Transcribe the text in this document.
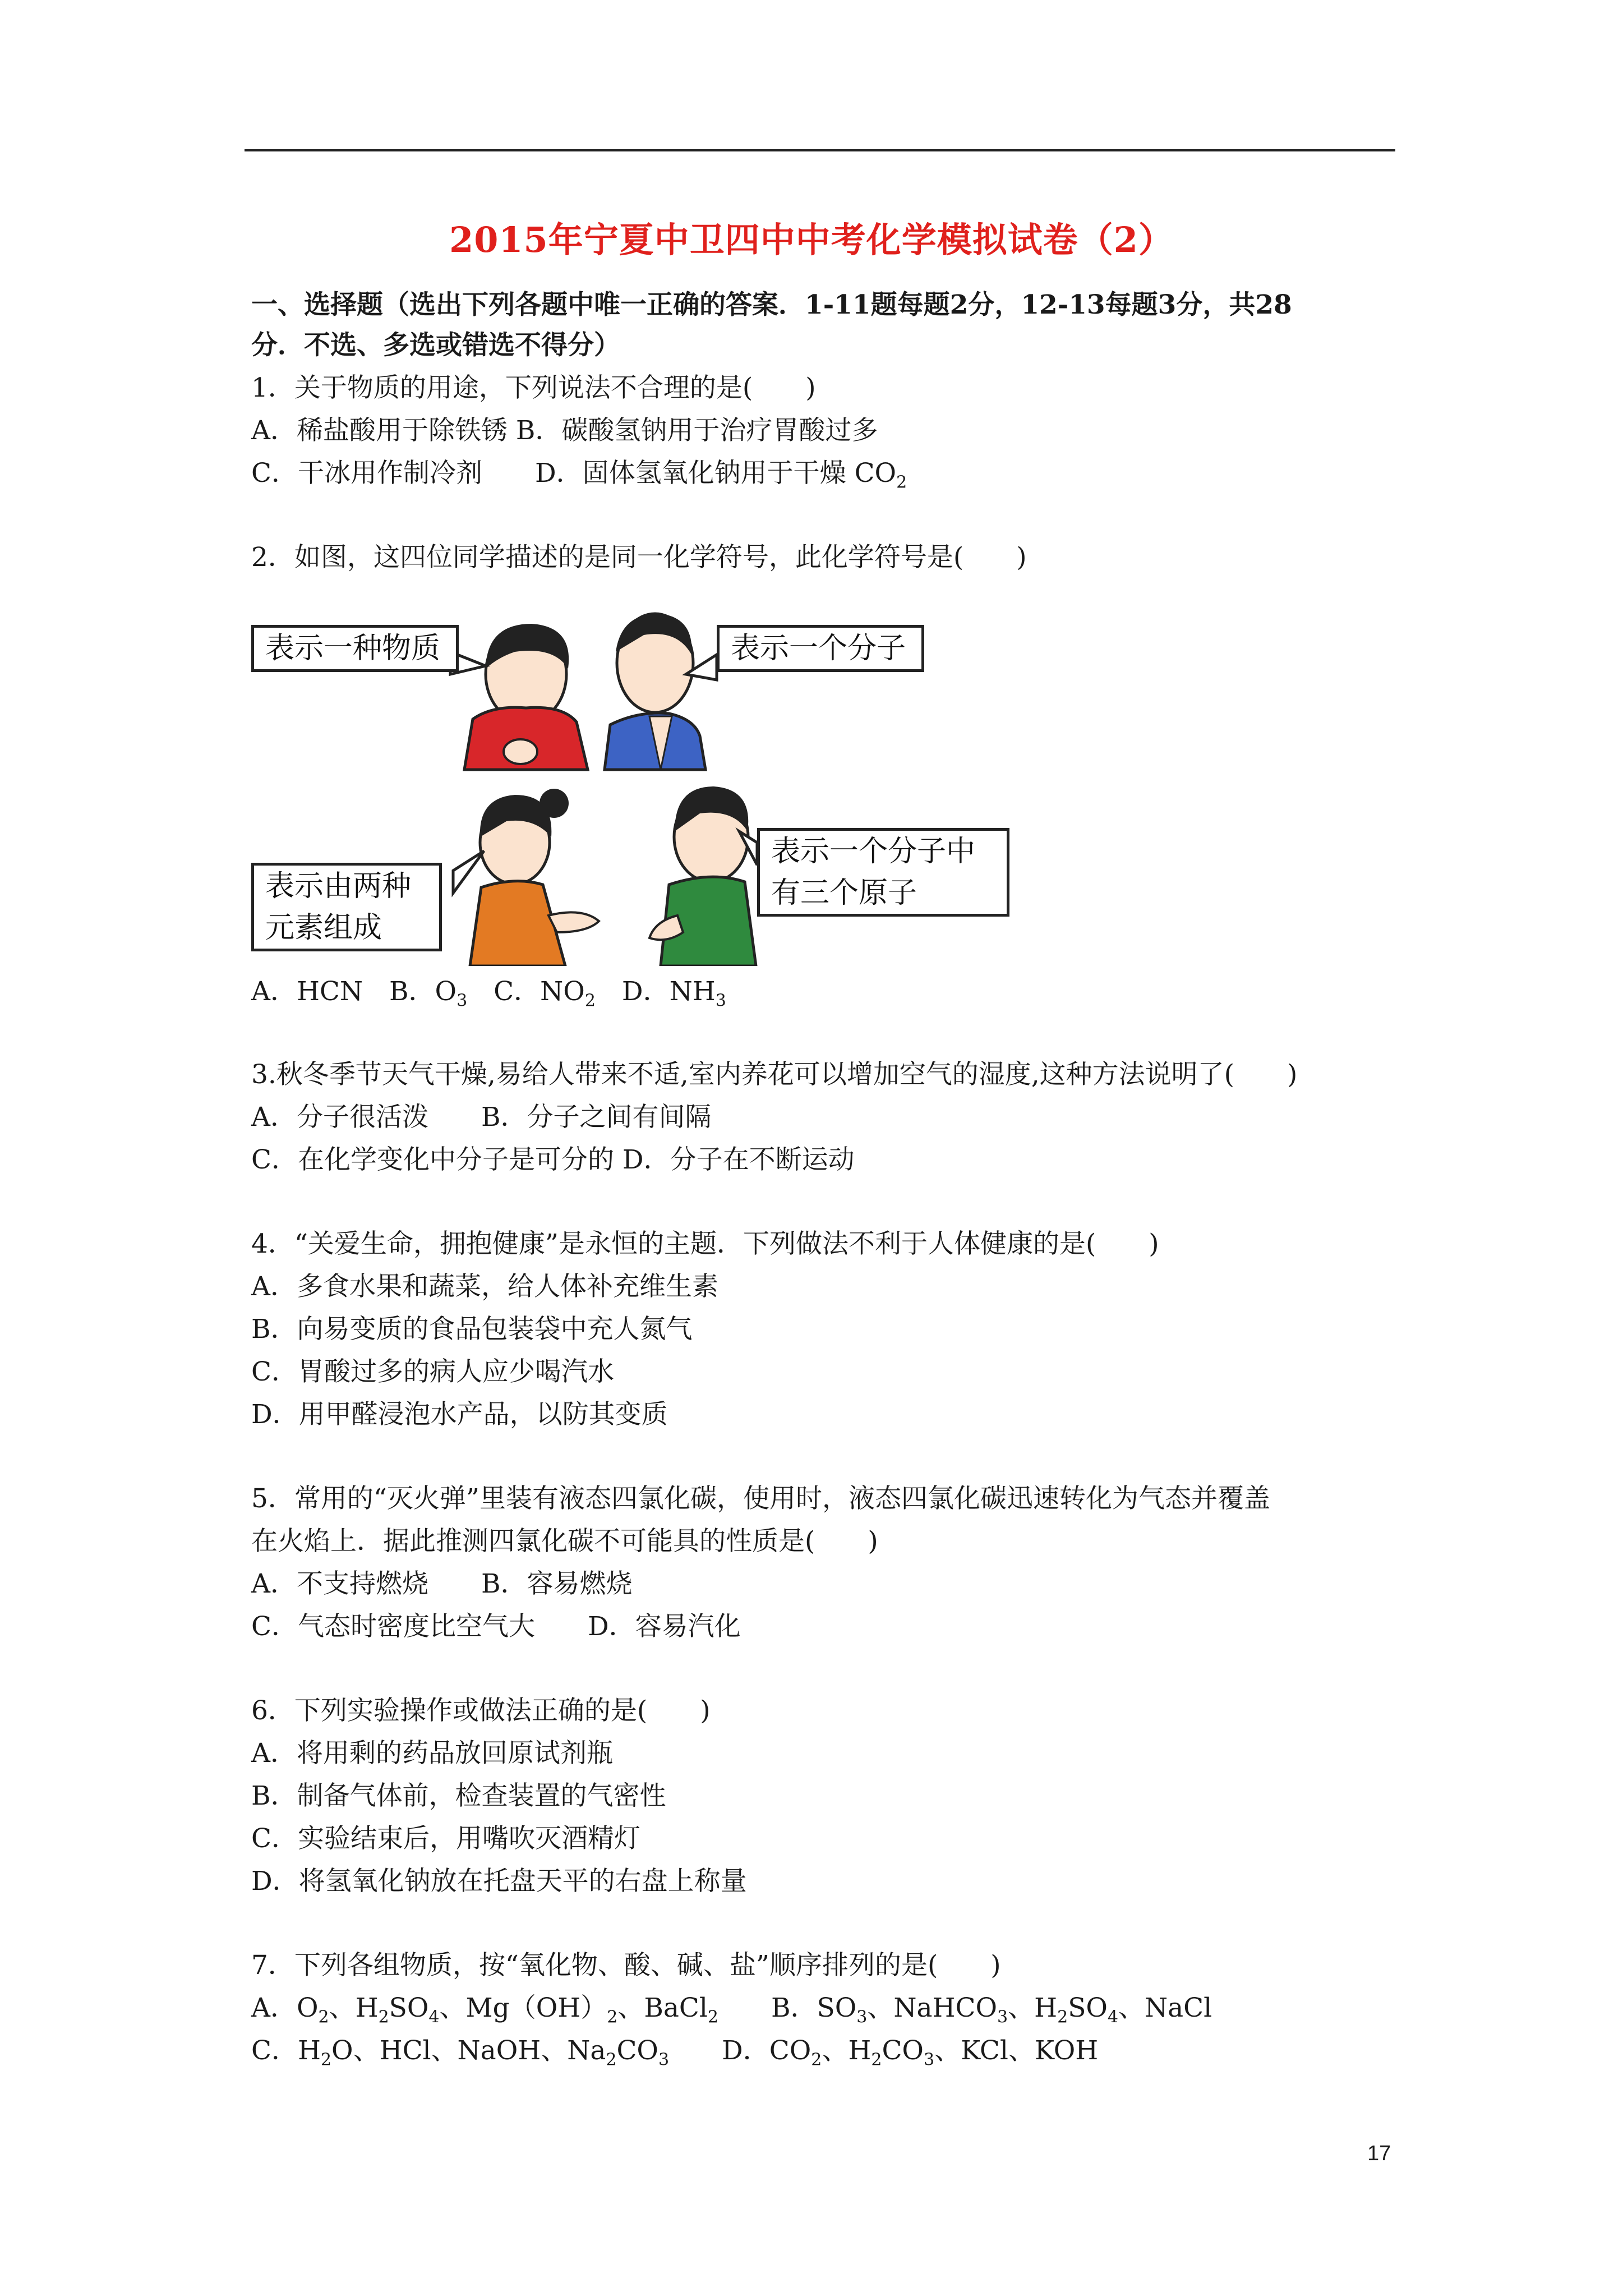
2015年宁夏中卫四中中考化学模拟试卷（2）
一、选择题（选出下列各题中唯一正确的答案．1-11题每题2分，12-13每题3分，共28
分．不选、多选或错选不得分）
1．关于物质的用途，下列说法不合理的是(　　)
A．稀盐酸用于除铁锈 B．碳酸氢钠用于治疗胃酸过多
C．干冰用作制冷剂　　D．固体氢氧化钠用于干燥 $CO_2$
2．如图，这四位同学描述的是同一化学符号，此化学符号是(　　)
表示一种物质	表示一个分子
表示由两种
元素组成
表示一个分子中
有三个原子
A．HCN　B．$O_3$　C．$NO_2$　D．$NH_3$
3.秋冬季节天气干燥,易给人带来不适,室内养花可以增加空气的湿度,这种方法说明了(　　)
A．分子很活泼　　B．分子之间有间隔
C．在化学变化中分子是可分的 D．分子在不断运动
4．“关爱生命，拥抱健康”是永恒的主题．下列做法不利于人体健康的是(　　)
A．多食水果和蔬菜，给人体补充维生素
B．向易变质的食品包装袋中充人氮气
C．胃酸过多的病人应少喝汽水
D．用甲醛浸泡水产品，以防其变质
5．常用的“灭火弹”里装有液态四氯化碳，使用时，液态四氯化碳迅速转化为气态并覆盖
在火焰上．据此推测四氯化碳不可能具的性质是(　　)
A．不支持燃烧　　B．容易燃烧
C．气态时密度比空气大　　D．容易汽化
6．下列实验操作或做法正确的是(　　)
A．将用剩的药品放回原试剂瓶
B．制备气体前，检查装置的气密性
C．实验结束后，用嘴吹灭酒精灯
D．将氢氧化钠放在托盘天平的右盘上称量
7．下列各组物质，按“氧化物、酸、碱、盐”顺序排列的是(　　)
A．$O_2$、$H_2SO_4$、$Mg(OH)_2$、BaCl$_2$　　B．$SO_3$、NaHCO$_3$、$H_2SO_4$、NaCl
C．$H_2O$、HCl、NaOH、$Na_2CO_3$　　D．$CO_2$、$H_2CO_3$、KCl、KOH
17
